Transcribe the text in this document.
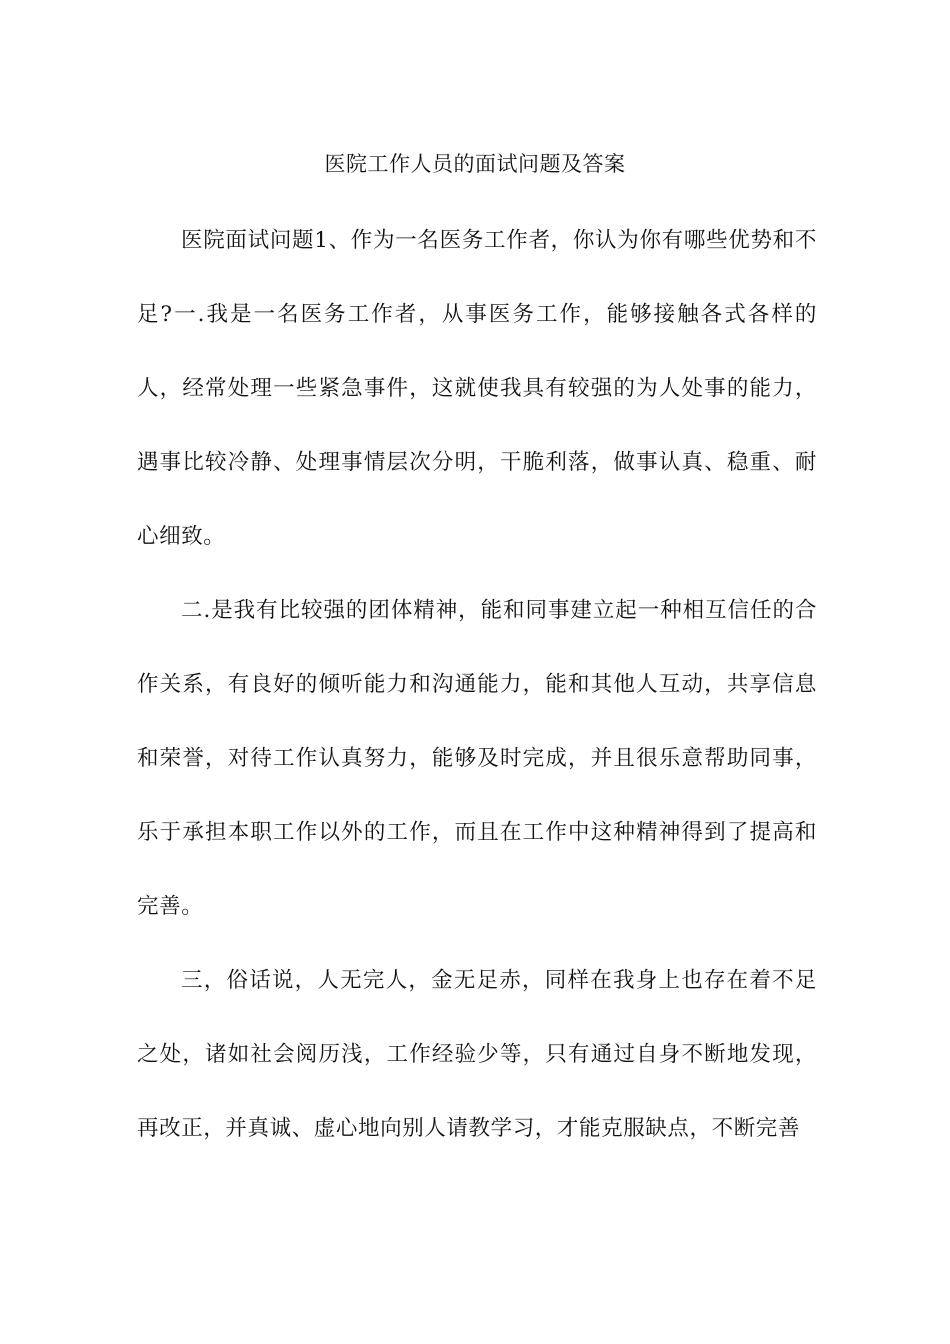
医院工作人员的面试问题及答案

医院面试问题1、作为一名医务工作者，你认为你有哪些优势和不足?一.我是一名医务工作者，从事医务工作，能够接触各式各样的人，经常处理一些紧急事件，这就使我具有较强的为人处事的能力，遇事比较冷静、处理事情层次分明，干脆利落，做事认真、稳重、耐心细致。

二.是我有比较强的团体精神，能和同事建立起一种相互信任的合作关系，有良好的倾听能力和沟通能力，能和其他人互动，共享信息和荣誉，对待工作认真努力，能够及时完成，并且很乐意帮助同事，乐于承担本职工作以外的工作，而且在工作中这种精神得到了提高和完善。

三，俗话说，人无完人，金无足赤，同样在我身上也存在着不足之处，诸如社会阅历浅，工作经验少等，只有通过自身不断地发现，再改正，并真诚、虚心地向别人请教学习，才能克服缺点，不断完善
